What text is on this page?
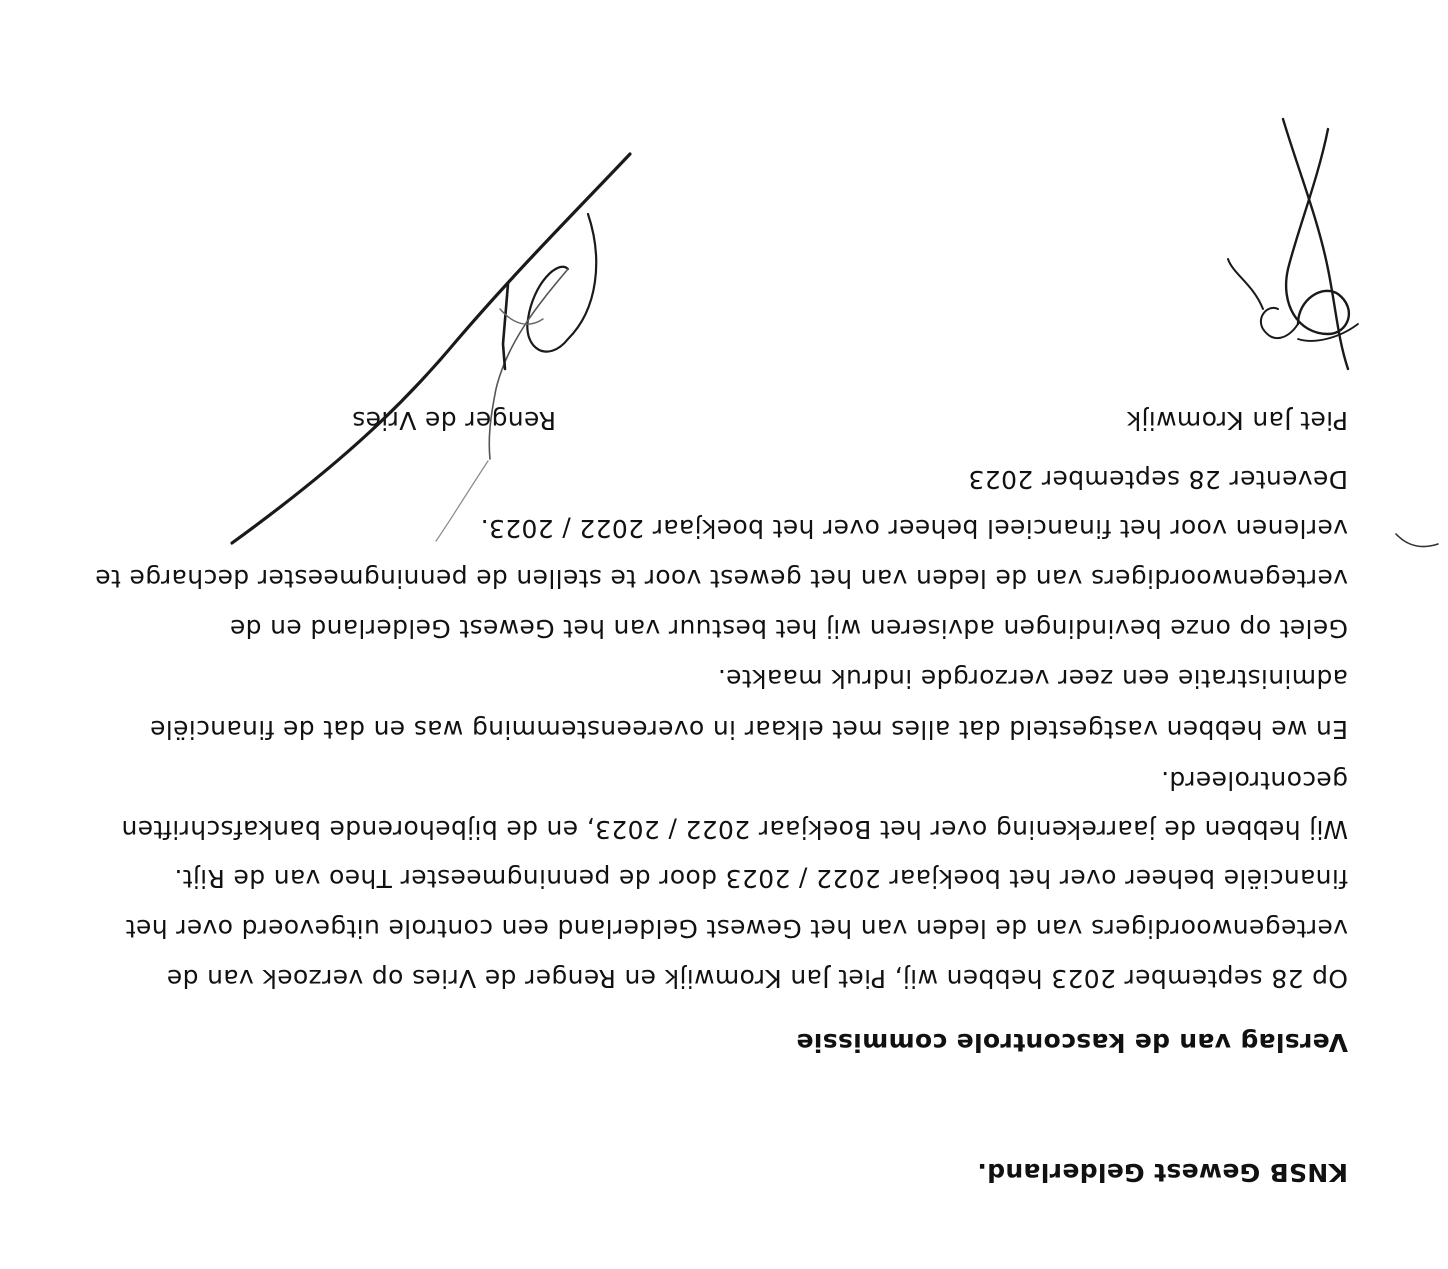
KNSB Gewest Gelderland.
Verslag van de kascontrole commissie
Op 28 september 2023 hebben wij, Piet Jan Kromwijk en Renger de Vries op verzoek van de
vertegenwoordigers van de leden van het Gewest Gelderland een controle uitgevoerd over het
financiële beheer over het boekjaar 2022 / 2023 door de penningmeester Theo van de Rijt.
Wij hebben de jaarrekening over het Boekjaar 2022 / 2023, en de bijbehorende bankafschriften
gecontroleerd.
En we hebben vastgesteld dat alles met elkaar in overeenstemming was en dat de financiële
administratie een zeer verzorgde indruk maakte.
Gelet op onze bevindingen adviseren wij het bestuur van het Gewest Gelderland en de
vertegenwoordigers van de leden van het gewest voor te stellen de penningmeester decharge te
verlenen voor het financieel beheer over het boekjaar 2022 / 2023.
Deventer 28 september 2023
Piet Jan Kromwijk
Renger de Vries
